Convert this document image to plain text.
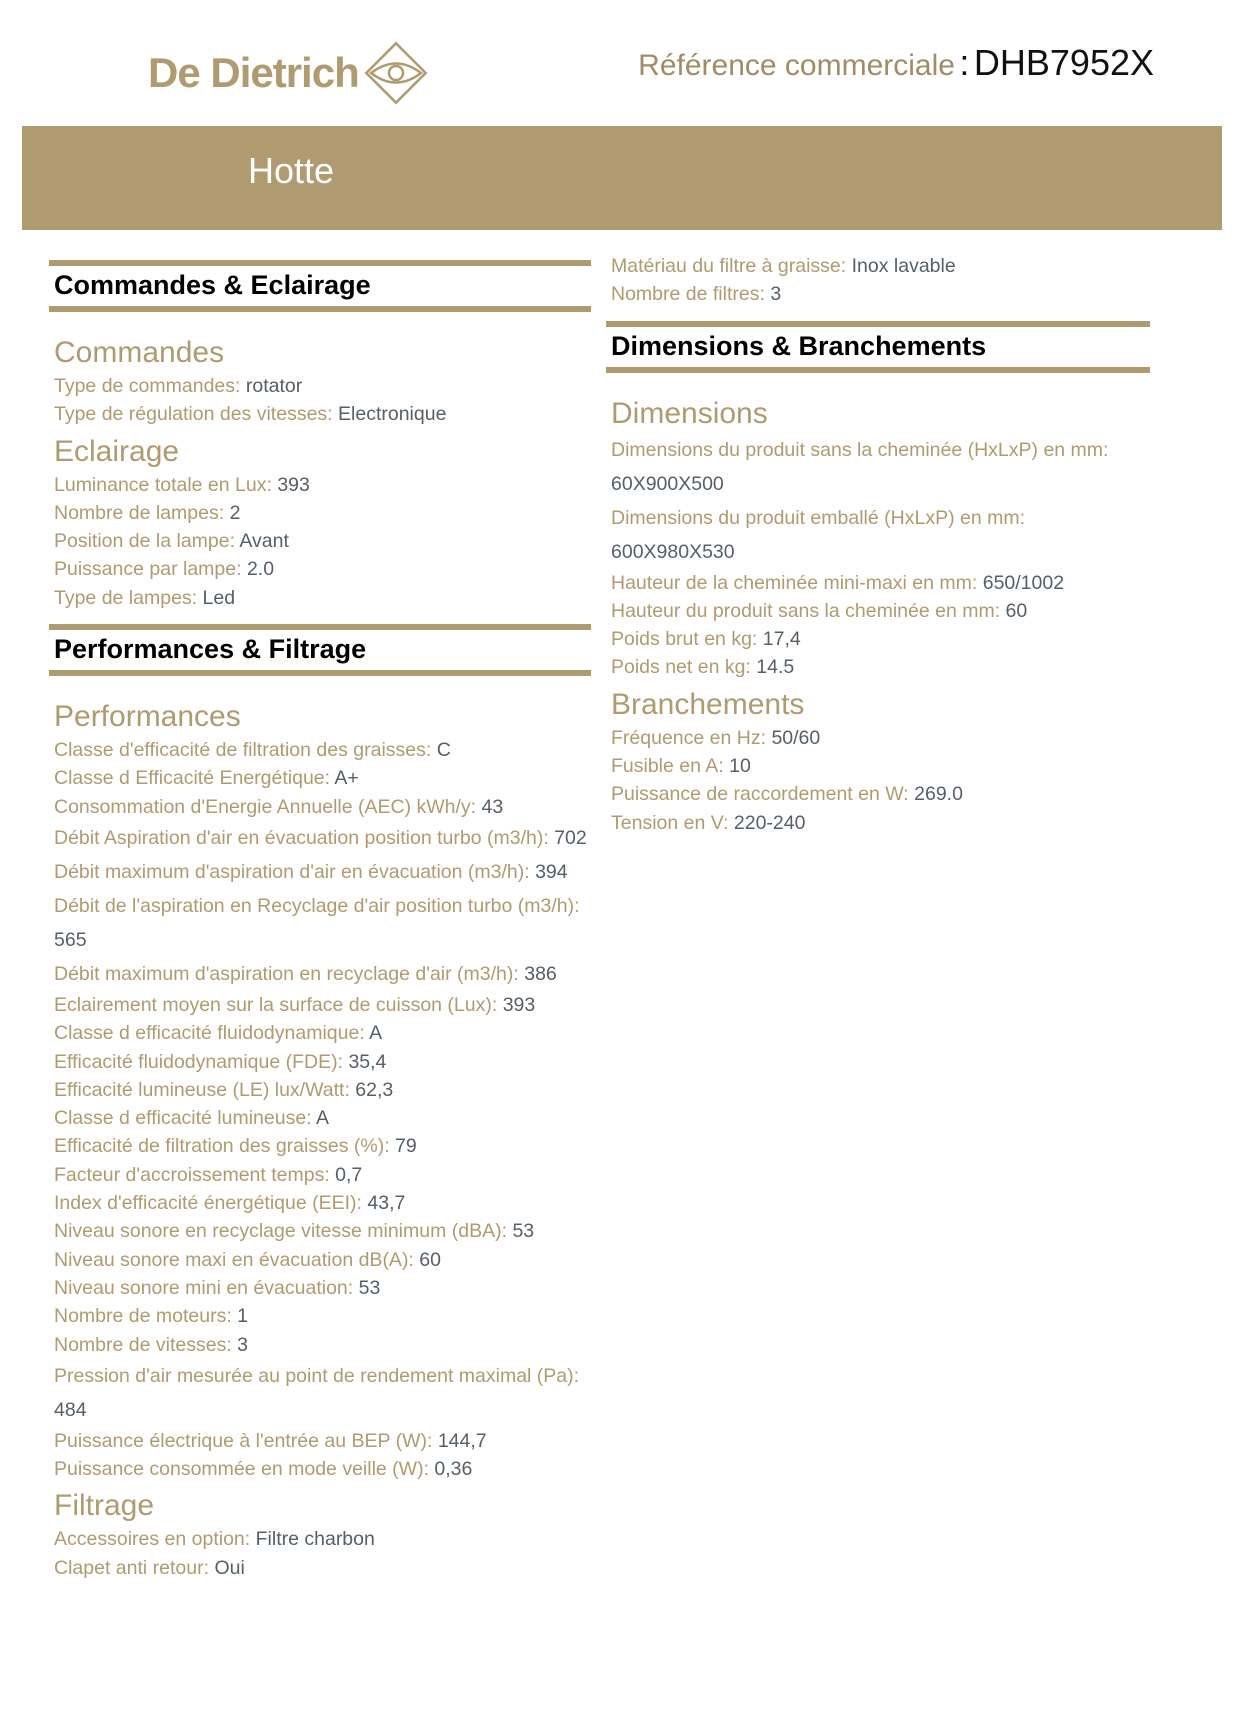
De Dietrich	Référence commerciale : DHB7952X
Hotte
Commandes & Eclairage
Commandes
Type de commandes: rotator
Type de régulation des vitesses: Electronique
Eclairage
Luminance totale en Lux: 393
Nombre de lampes: 2
Position de la lampe: Avant
Puissance par lampe: 2.0
Type de lampes: Led
Performances & Filtrage
Performances
Classe d'efficacité de filtration des graisses: C
Classe d Efficacité Energétique: A+
Consommation d'Energie Annuelle (AEC) kWh/y: 43
Débit Aspiration d'air en évacuation position turbo (m3/h): 702
Débit maximum d'aspiration d'air en évacuation (m3/h): 394
Débit de l'aspiration en Recyclage d'air position turbo (m3/h): 565
Débit maximum d'aspiration en recyclage d'air (m3/h): 386
Eclairement moyen sur la surface de cuisson (Lux): 393
Classe d efficacité fluidodynamique: A
Efficacité fluidodynamique (FDE): 35,4
Efficacité lumineuse (LE) lux/Watt: 62,3
Classe d efficacité lumineuse: A
Efficacité de filtration des graisses (%): 79
Facteur d'accroissement temps: 0,7
Index d'efficacité énergétique (EEI): 43,7
Niveau sonore en recyclage vitesse minimum (dBA): 53
Niveau sonore maxi en évacuation dB(A): 60
Niveau sonore mini en évacuation: 53
Nombre de moteurs: 1
Nombre de vitesses: 3
Pression d'air mesurée au point de rendement maximal (Pa): 484
Puissance électrique à l'entrée au BEP (W): 144,7
Puissance consommée en mode veille (W): 0,36
Filtrage
Accessoires en option: Filtre charbon
Clapet anti retour: Oui
Matériau du filtre à graisse: Inox lavable
Nombre de filtres: 3
Dimensions & Branchements
Dimensions
Dimensions du produit sans la cheminée (HxLxP) en mm: 60X900X500
Dimensions du produit emballé (HxLxP) en mm: 600X980X530
Hauteur de la cheminée mini-maxi en mm: 650/1002
Hauteur du produit sans la cheminée en mm: 60
Poids brut en kg: 17,4
Poids net en kg: 14.5
Branchements
Fréquence en Hz: 50/60
Fusible en A: 10
Puissance de raccordement en W: 269.0
Tension en V: 220-240
